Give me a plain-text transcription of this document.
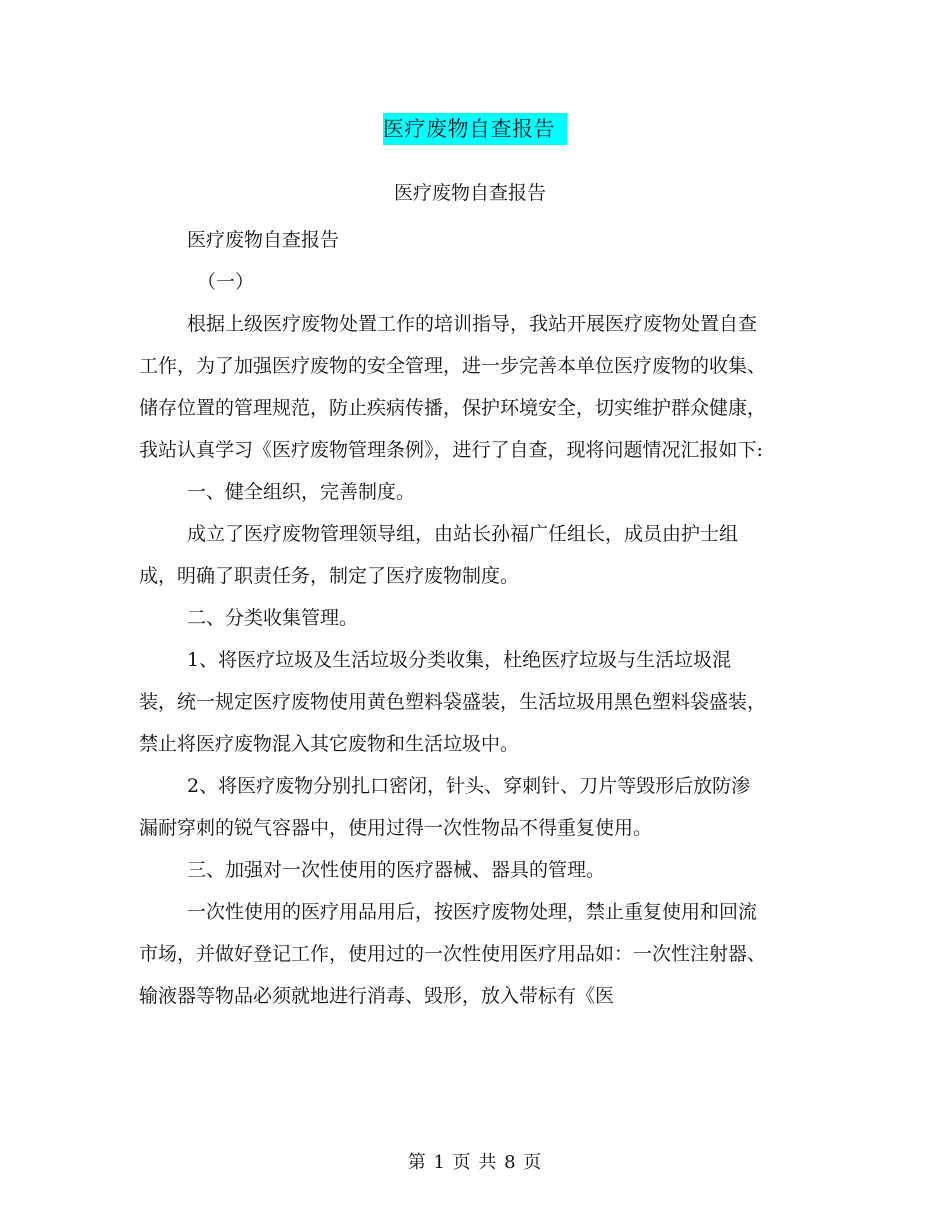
医疗废物自查报告
医疗废物自查报告

医疗废物自查报告

（一）

根据上级医疗废物处置工作的培训指导，我站开展医疗废物处置自查工作，为了加强医疗废物的安全管理，进一步完善本单位医疗废物的收集、储存位置的管理规范，防止疾病传播，保护环境安全，切实维护群众健康，我站认真学习《医疗废物管理条例》，进行了自查，现将问题情况汇报如下:

一、健全组织，完善制度。

成立了医疗废物管理领导组，由站长孙福广任组长，成员由护士组成，明确了职责任务，制定了医疗废物制度。

二、分类收集管理。

1、将医疗垃圾及生活垃圾分类收集，杜绝医疗垃圾与生活垃圾混装，统一规定医疗废物使用黄色塑料袋盛装，生活垃圾用黑色塑料袋盛装，禁止将医疗废物混入其它废物和生活垃圾中。

2、将医疗废物分别扎口密闭，针头、穿刺针、刀片等毁形后放防渗漏耐穿刺的锐气容器中，使用过得一次性物品不得重复使用。

三、加强对一次性使用的医疗器械、器具的管理。

一次性使用的医疗用品用后，按医疗废物处理，禁止重复使用和回流市场，并做好登记工作，使用过的一次性使用医疗用品如：一次性注射器、输液器等物品必须就地进行消毒、毁形，放入带标有《医

第 1 页 共 8 页
